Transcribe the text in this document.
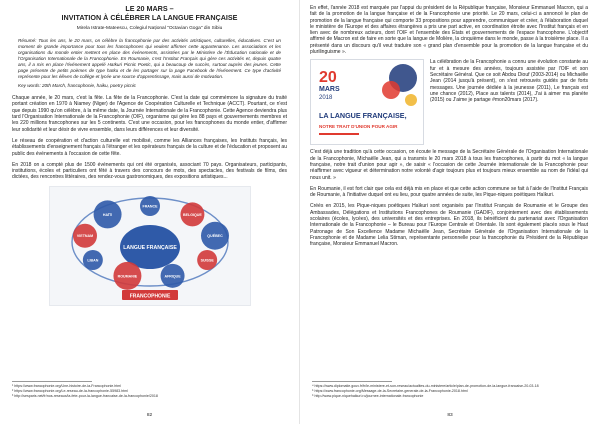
LE 20 MARS –

INVITATION À CÉLÉBRER LA LANGUE FRANÇAISE

Mirela Istrate-Mateescu, Colegiul Național "Octavian Goga" din Sibiu
Résumé: Tous les ans, le 20 mars, on célèbre la francophonie par des activités artistiques, culturelles, éducatives. C'est un moment de grande importance pour tous les francophones qui veulent affirmer cette appartenance. Les associations et les organisations du monde entier mettent en place des événements, assistées par le Ministère de l'Éducation nationale et de l'Organisation Internationale de la Francophonie. En Roumanie, c'est l'Institut Français qui gère ces activités et, depuis quatre ans, il a mis en place l'événement appelé Haïkuri Picnic Poetic, qui a beaucoup de succès, surtout auprès des jeunes. Cette page présente de petits poèmes de type haïku et de les partager sur la page Facebook de l'événement. Ce type d'activité représente pour les élèves de collège et lycée une source d'apprentissage, mais aussi de motivation.
Key words: 20th March, francophonie, haiku, poetry picnic

Chaque année, le 20 mars, c'est la fête. La fête de la Francophonie. C'est la date qui commémore la signature du traité portant création en 1970 à Niamey (Niger) de l'Agence de Coopération Culturelle et Technique (ACCT). Pourtant, ce n'est que depuis 1990 qu'on célèbre, à la même date, la Journée Internationale de la Francophonie. Cette Agence deviendra plus tard l'Organisation Internationale de la Francophonie (OIF), organisme qui gère les 88 pays et gouvernements membres et les 220 millions francophones sur les 5 continents. C'est une occasion, pour les francophones du monde entier, d'affirmer leur solidarité et leur désir de vivre ensemble, dans leurs différences et leur diversité.

Le réseau de coopération et d'action culturelle est mobilisé, comme les Alliances françaises, les Instituts français, les établissements d'enseignement français à l'étranger et les opérateurs français de la culture et de l'éducation et proposent au public des événements à l'occasion de cette fête.

En 2018 on a compté plus de 1500 événements qui ont été organisés, associant 70 pays. Organisateurs, participants, institutions, écoles et particuliers ont fêté à travers des concours de mots, des spectacles, des festivals de films, des dictées, des rencontres littéraires, des rendez-vous gastronomiques, des expositions artistiques...

LANGUE FRANÇAISE
FRANCE
BELGIQUE
QUÉBEC
SUISSE
AFRIQUE
ROUMANIE
LIBAN
VIETNAM
HAÏTI
FRANCOPHONIE
¹ https://www.francophonie.org/Une-histoire-de-la-Francophonie.html
² https://www.francophonie.org/Le-reseau-de-la-francophonie-55983.html
³ http://sesparis.net/fr/nos-reseaux/la-fete-pour-la-langue-francaise-de-la-francophonie/2018
82

En effet, l'année 2018 est marquée par l'appui du président de la République française, Monsieur Emmanuel Macron, qui a fait de la promotion de la langue française et de la Francophonie une priorité. Le 20 mars, celui-ci a annoncé le plan de promotion de la langue française qui comporte 33 propositions pour apprendre, communiquer et créer, à l'élaboration duquel le ministère de l'Europe et des affaires étrangères a pris une part active, en coordination étroite avec l'Institut français et en lien avec de nombreux acteurs, dont l'OIF et l'ensemble des États et gouvernements de l'espace francophone. L'objectif affirmé de Macron est de faire en sorte que la langue de Molière, la cinquième dans le monde, passe à la troisième place. Il a présenté dans un discours qu'il veut traduire son « grand plan d'ensemble pour la promotion de la langue française et du plurilinguisme ».

20
MARS
2018
LA LANGUE FRANÇAISE,
NOTRE TRAIT D'UNION POUR AGIR
La célébration de la Francophonie a connu une évolution constante au fur et à mesure des années, toujours assistée par l'OIF et son Secrétaire Général. Que ce soit Abdou Diouf (2003-2014) ou Michaëlle Jean (2014 jusqu'à présent), on s'est retrouvés guidés par de forts messages. Une journée dédiée à la jeunesse (2011), Le français est une chance (2012), Place aux talents (2014), J'ai à aimer ma planète (2015) ou J'aime je partage #mon20mars (2017).

C'est déjà une tradition qu'à cette occasion, on écoute le message de la Secrétaire Générale de l'Organisation Internationale de la Francophonie, Michaëlle Jean, qui a transmis le 20 mars 2018 à tous les francophones, à partir du mot « la langue française, notre trait d'union pour agir », de saisir « l'occasion de cette Journée internationale de la Francophonie pour réaffirmer avec vigueur et détermination notre volonté d'agir toujours plus et toujours mieux ensemble au nom de l'idéal qui nous unit. »

En Roumanie, il est fort clair que cela est déjà mis en place et que cette action commune se fait à l'aide de l'Institut Français de Roumanie, à l'initiative duquel ont eu lieu, pour quatre années de suite, les Pique-niques poétiques Haïkuri.

Créés en 2015, les Pique-niques poétiques Haïkuri sont organisés par l'Institut Français de Roumanie et le Groupe des Ambassades, Délégations et Institutions Francophones de Roumanie (GADIF), conjointement avec des établissements scolaires (écoles, lycées), des universités et des entreprises. En 2018, ils bénéficient du partenariat avec l'Organisation Internationale de la Francophonie – le Bureau pour l'Europe Centrale et Orientale. Ils sont également placés sous le Haut Patronage de Son Excellence Madame Michaëlle Jean, Secrétaire Générale de l'Organisation Internationale de la Francophonie et de Madame Lelia Stirnan, représentante personnelle pour la francophonie du Président de la République française, Monsieur Emmanuel Macron.

⁴ https://www.diplomatie.gouv.fr/fr/le-ministere-et-son-reseau/actualites-du-ministere/article/plan-de-promotion-de-la-langue-francaise-20-03-18
⁵ https://www.francophonie.org/Message-de-la-Secretaire-generale-de-la-Francophonie-2018.html
⁶ http://www.pique-niquehaikuri.ro/journee-internationale-francophonie
83
